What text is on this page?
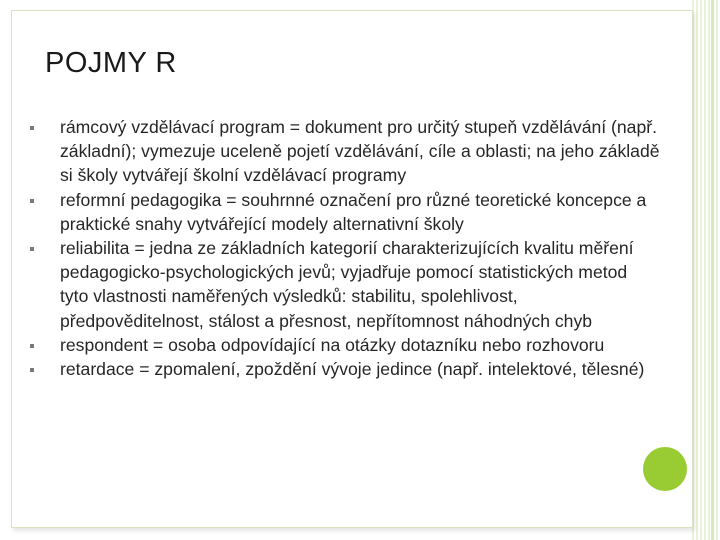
POJMY R
rámcový vzdělávací program = dokument pro určitý stupeň vzdělávání (např. základní); vymezuje uceleně pojetí vzdělávání, cíle a oblasti; na jeho základě si školy vytvářejí školní vzdělávací programy
reformní pedagogika = souhrnné označení pro různé teoretické koncepce a praktické snahy vytvářející modely alternativní školy
reliabilita = jedna ze základních kategorií charakterizujících kvalitu měření pedagogicko-psychologických jevů; vyjadřuje pomocí statistických metod tyto vlastnosti naměřených výsledků: stabilitu, spolehlivost, předpověditelnost, stálost a přesnost, nepřítomnost náhodných chyb
respondent = osoba odpovídající na otázky dotazníku nebo rozhovoru
retardace = zpomalení, zpoždění vývoje jedince (např. intelektové, tělesné)
